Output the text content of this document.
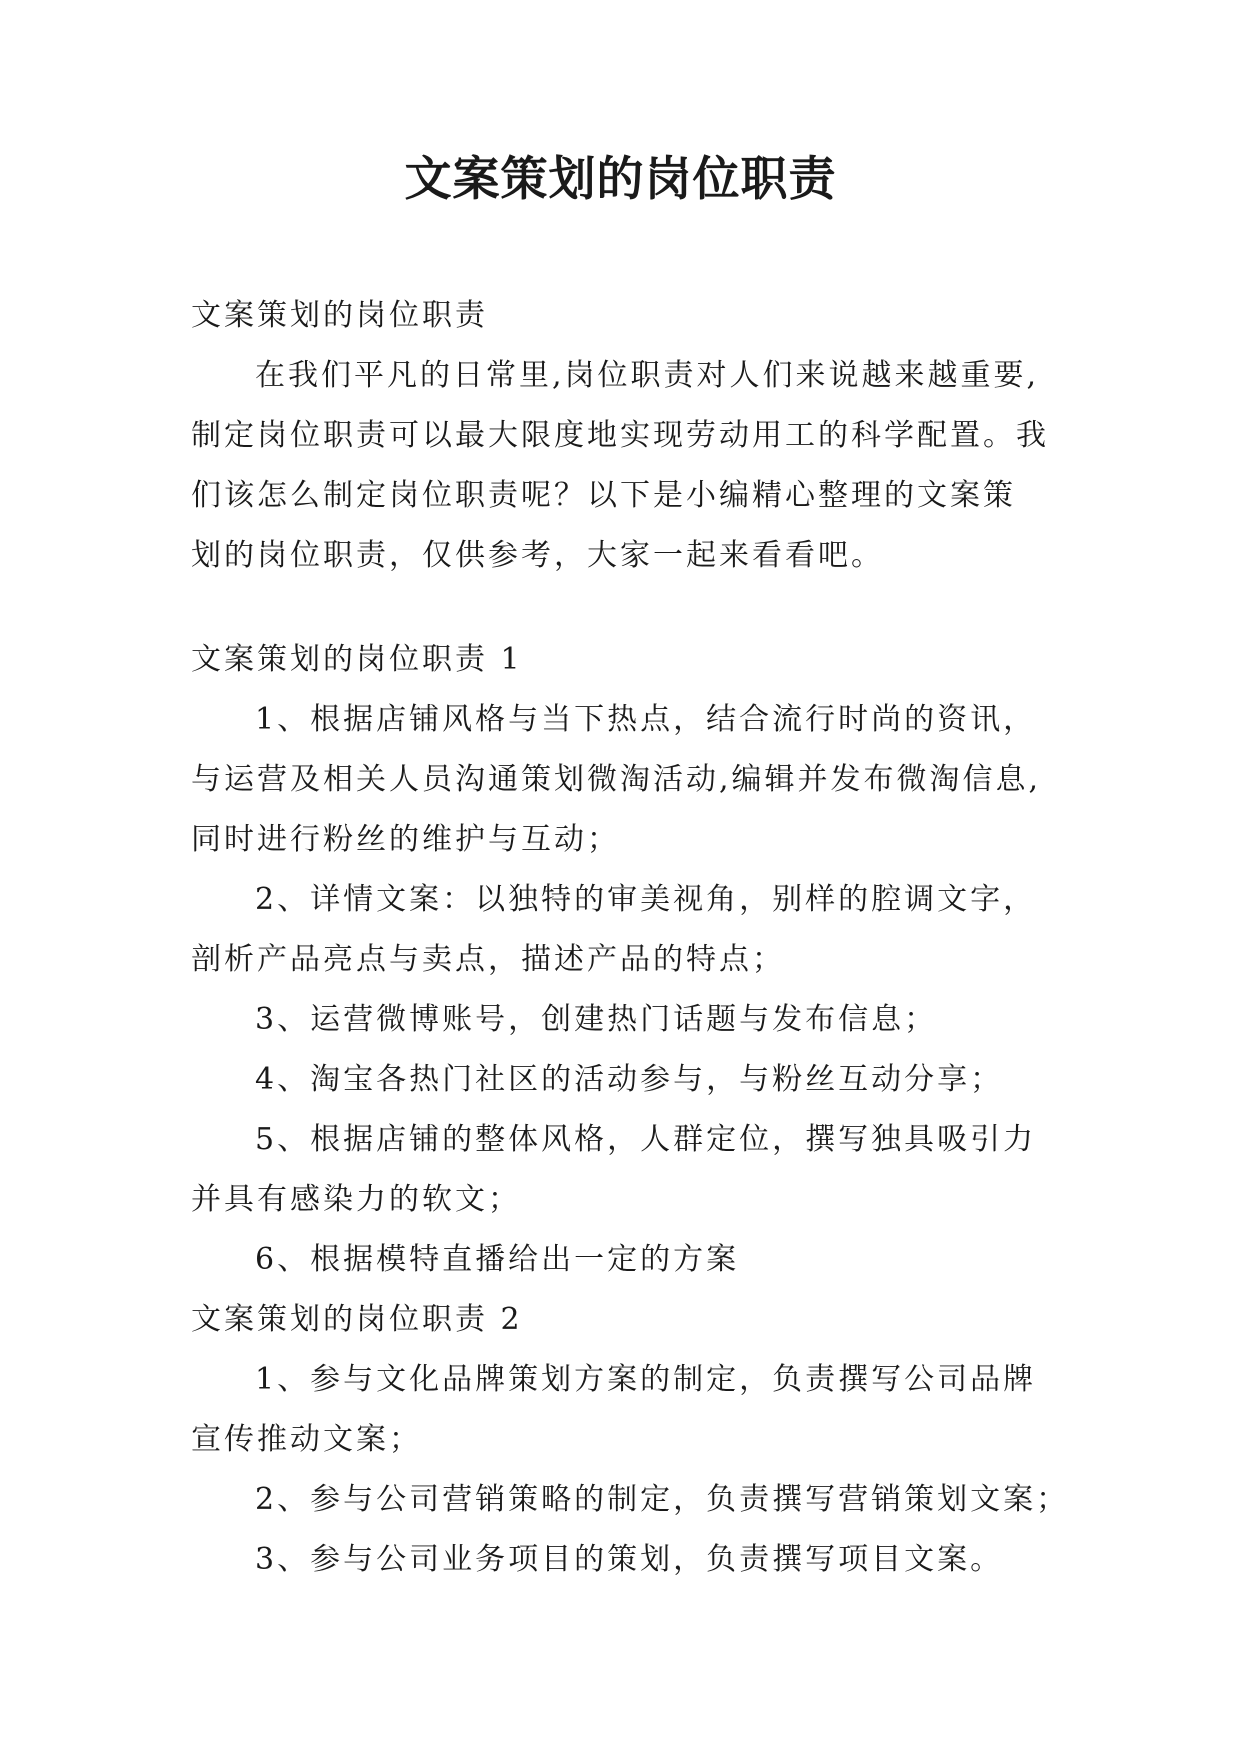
文案策划的岗位职责
文案策划的岗位职责
在我们平凡的日常里,岗位职责对人们来说越来越重要,
制定岗位职责可以最大限度地实现劳动用工的科学配置。我
们该怎么制定岗位职责呢？以下是小编精心整理的文案策
划的岗位职责，仅供参考，大家一起来看看吧。
文案策划的岗位职责 1
1、根据店铺风格与当下热点，结合流行时尚的资讯，
与运营及相关人员沟通策划微淘活动,编辑并发布微淘信息,
同时进行粉丝的维护与互动；
2、详情文案：以独特的审美视角，别样的腔调文字，
剖析产品亮点与卖点，描述产品的特点；
3、运营微博账号，创建热门话题与发布信息；
4、淘宝各热门社区的活动参与，与粉丝互动分享；
5、根据店铺的整体风格，人群定位，撰写独具吸引力
并具有感染力的软文；
6、根据模特直播给出一定的方案
文案策划的岗位职责 2
1、参与文化品牌策划方案的制定，负责撰写公司品牌
宣传推动文案；
2、参与公司营销策略的制定，负责撰写营销策划文案；
3、参与公司业务项目的策划，负责撰写项目文案。
